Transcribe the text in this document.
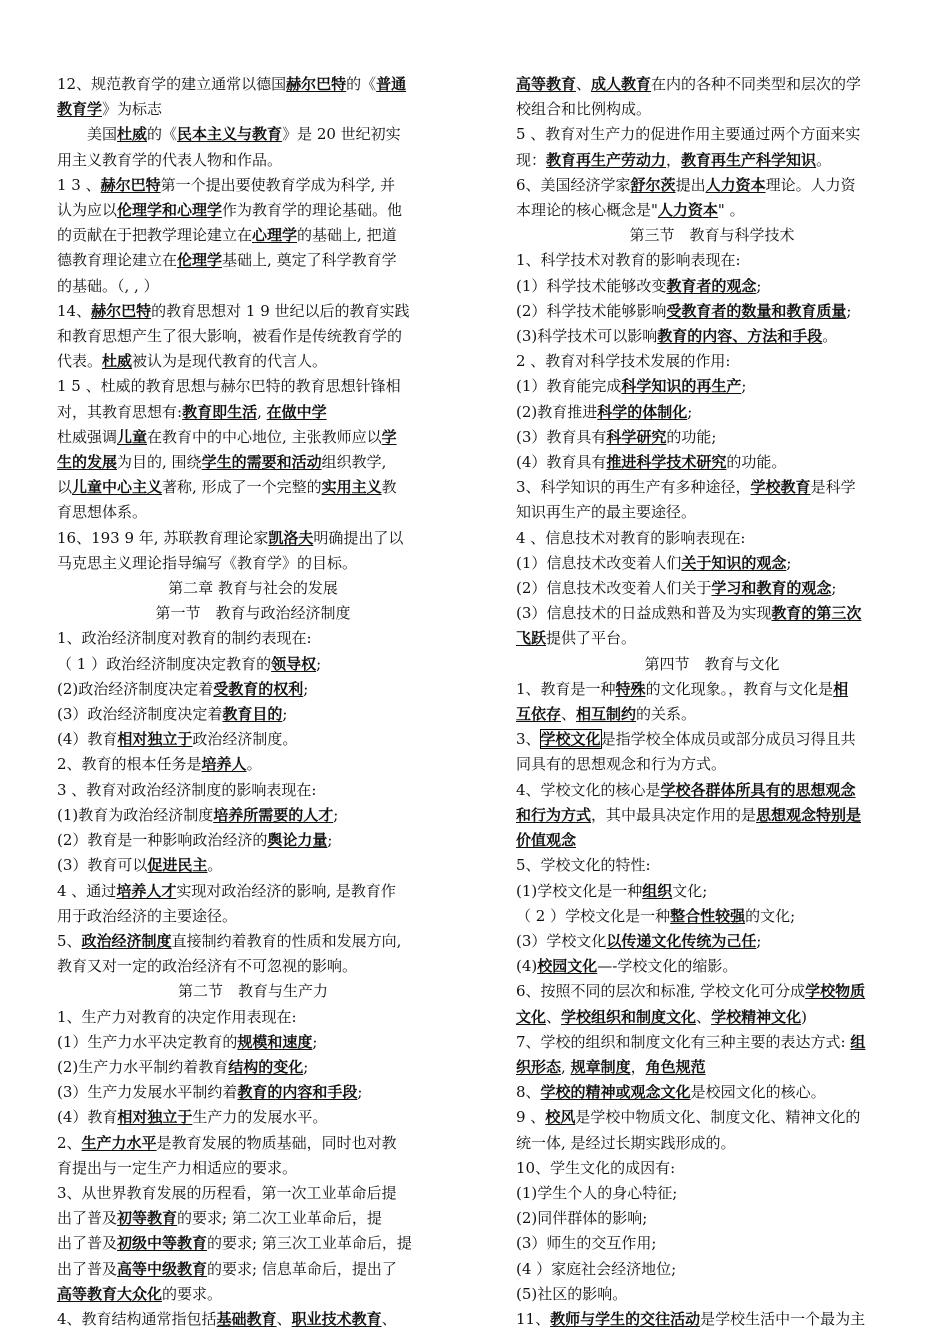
12、规范教育学的建立通常以德国赫尔巴特的《普通
教育学》为标志
　　美国杜威的《民本主义与教育》是 20 世纪初实
用主义教育学的代表人物和作品。
1 3 、赫尔巴特第一个提出要使教育学成为科学, 并
认为应以伦理学和心理学作为教育学的理论基础。他
的贡献在于把教学理论建立在心理学的基础上, 把道
德教育理论建立在伦理学基础上, 奠定了科学教育学
的基础。（, , ）
14、赫尔巴特的教育思想对 1 9 世纪以后的教育实践
和教育思想产生了很大影响，被看作是传统教育学的
代表。杜威被认为是现代教育的代言人。
1 5 、杜威的教育思想与赫尔巴特的教育思想针锋相
对，其教育思想有:教育即生活, 在做中学
杜威强调儿童在教育中的中心地位, 主张教师应以学
生的发展为目的, 围绕学生的需要和活动组织教学,
以儿童中心主义著称, 形成了一个完整的实用主义教
育思想体系。
16、193 9 年, 苏联教育理论家凯洛夫明确提出了以
马克思主义理论指导编写《教育学》的目标。
第二章 教育与社会的发展
第一节　教育与政治经济制度
1、政治经济制度对教育的制约表现在:
（ 1 ）政治经济制度决定教育的领导权;
(2)政治经济制度决定着受教育的权利;
(3）政治经济制度决定着教育目的;
(4）教育相对独立于政治经济制度。
2、教育的根本任务是培养人。
3 、教育对政治经济制度的影响表现在:
(1)教育为政治经济制度培养所需要的人才;
(2）教育是一种影响政治经济的舆论力量;
(3）教育可以促进民主。
4 、通过培养人才实现对政治经济的影响, 是教育作
用于政治经济的主要途径。
5、政治经济制度直接制约着教育的性质和发展方向,
教育又对一定的政治经济有不可忽视的影响。
第二节　教育与生产力
1、生产力对教育的决定作用表现在:
(1）生产力水平决定教育的规模和速度;
(2)生产力水平制约着教育结构的变化;
(3）生产力发展水平制约着教育的内容和手段;
(4）教育相对独立于生产力的发展水平。
2、生产力水平是教育发展的物质基础，同时也对教
育提出与一定生产力相适应的要求。
3、从世界教育发展的历程看，第一次工业革命后提
出了普及初等教育的要求; 第二次工业革命后，提
出了普及初级中等教育的要求; 第三次工业革命后，提
出了普及高等中级教育的要求; 信息革命后，提出了
高等教育大众化的要求。
4、教育结构通常指包括基础教育、职业技术教育、
高等教育、成人教育在内的各种不同类型和层次的学
校组合和比例构成。
5 、教育对生产力的促进作用主要通过两个方面来实
现：教育再生产劳动力，教育再生产科学知识。
6、美国经济学家舒尔茨提出人力资本理论。人力资
本理论的核心概念是"人力资本" 。
第三节　教育与科学技术
1、科学技术对教育的影响表现在:
(1）科学技术能够改变教育者的观念;
(2）科学技术能够影响受教育者的数量和教育质量;
(3)科学技术可以影响教育的内容、方法和手段。
2 、教育对科学技术发展的作用:
(1）教育能完成科学知识的再生产;
(2)教育推进科学的体制化;
(3）教育具有科学研究的功能;
(4）教育具有推进科学技术研究的功能。
3、科学知识的再生产有多种途径，学校教育是科学
知识再生产的最主要途径。
4 、信息技术对教育的影响表现在:
(1）信息技术改变着人们关于知识的观念;
(2）信息技术改变着人们关于学习和教育的观念;
(3）信息技术的日益成熟和普及为实现教育的第三次
飞跃提供了平台。
第四节　教育与文化
1、教育是一种特殊的文化现象。，教育与文化是相
互依存、相互制约的关系。
3、学校文化是指学校全体成员或部分成员习得且共
同具有的思想观念和行为方式。
4、学校文化的核心是学校各群体所具有的思想观念
和行为方式，其中最具决定作用的是思想观念特别是
价值观念
5、学校文化的特性:
(1)学校文化是一种组织文化;
（ 2 ）学校文化是一种整合性较强的文化;
(3）学校文化以传递文化传统为己任;
(4)校园文化—-学校文化的缩影。
6、按照不同的层次和标准, 学校文化可分成学校物质
文化、学校组织和制度文化、学校精神文化)
7、学校的组织和制度文化有三种主要的表达方式: 组
织形态, 规章制度，角色规范
8、学校的精神或观念文化是校园文化的核心。
9 、校风是学校中物质文化、制度文化、精神文化的
统一体, 是经过长期实践形成的。
10、学生文化的成因有:
(1)学生个人的身心特征;
(2)同伴群体的影响;
(3）师生的交互作用;
(4 ）家庭社会经济地位;
(5)社区的影响。
11、教师与学生的交往活动是学校生活中一个最为主
